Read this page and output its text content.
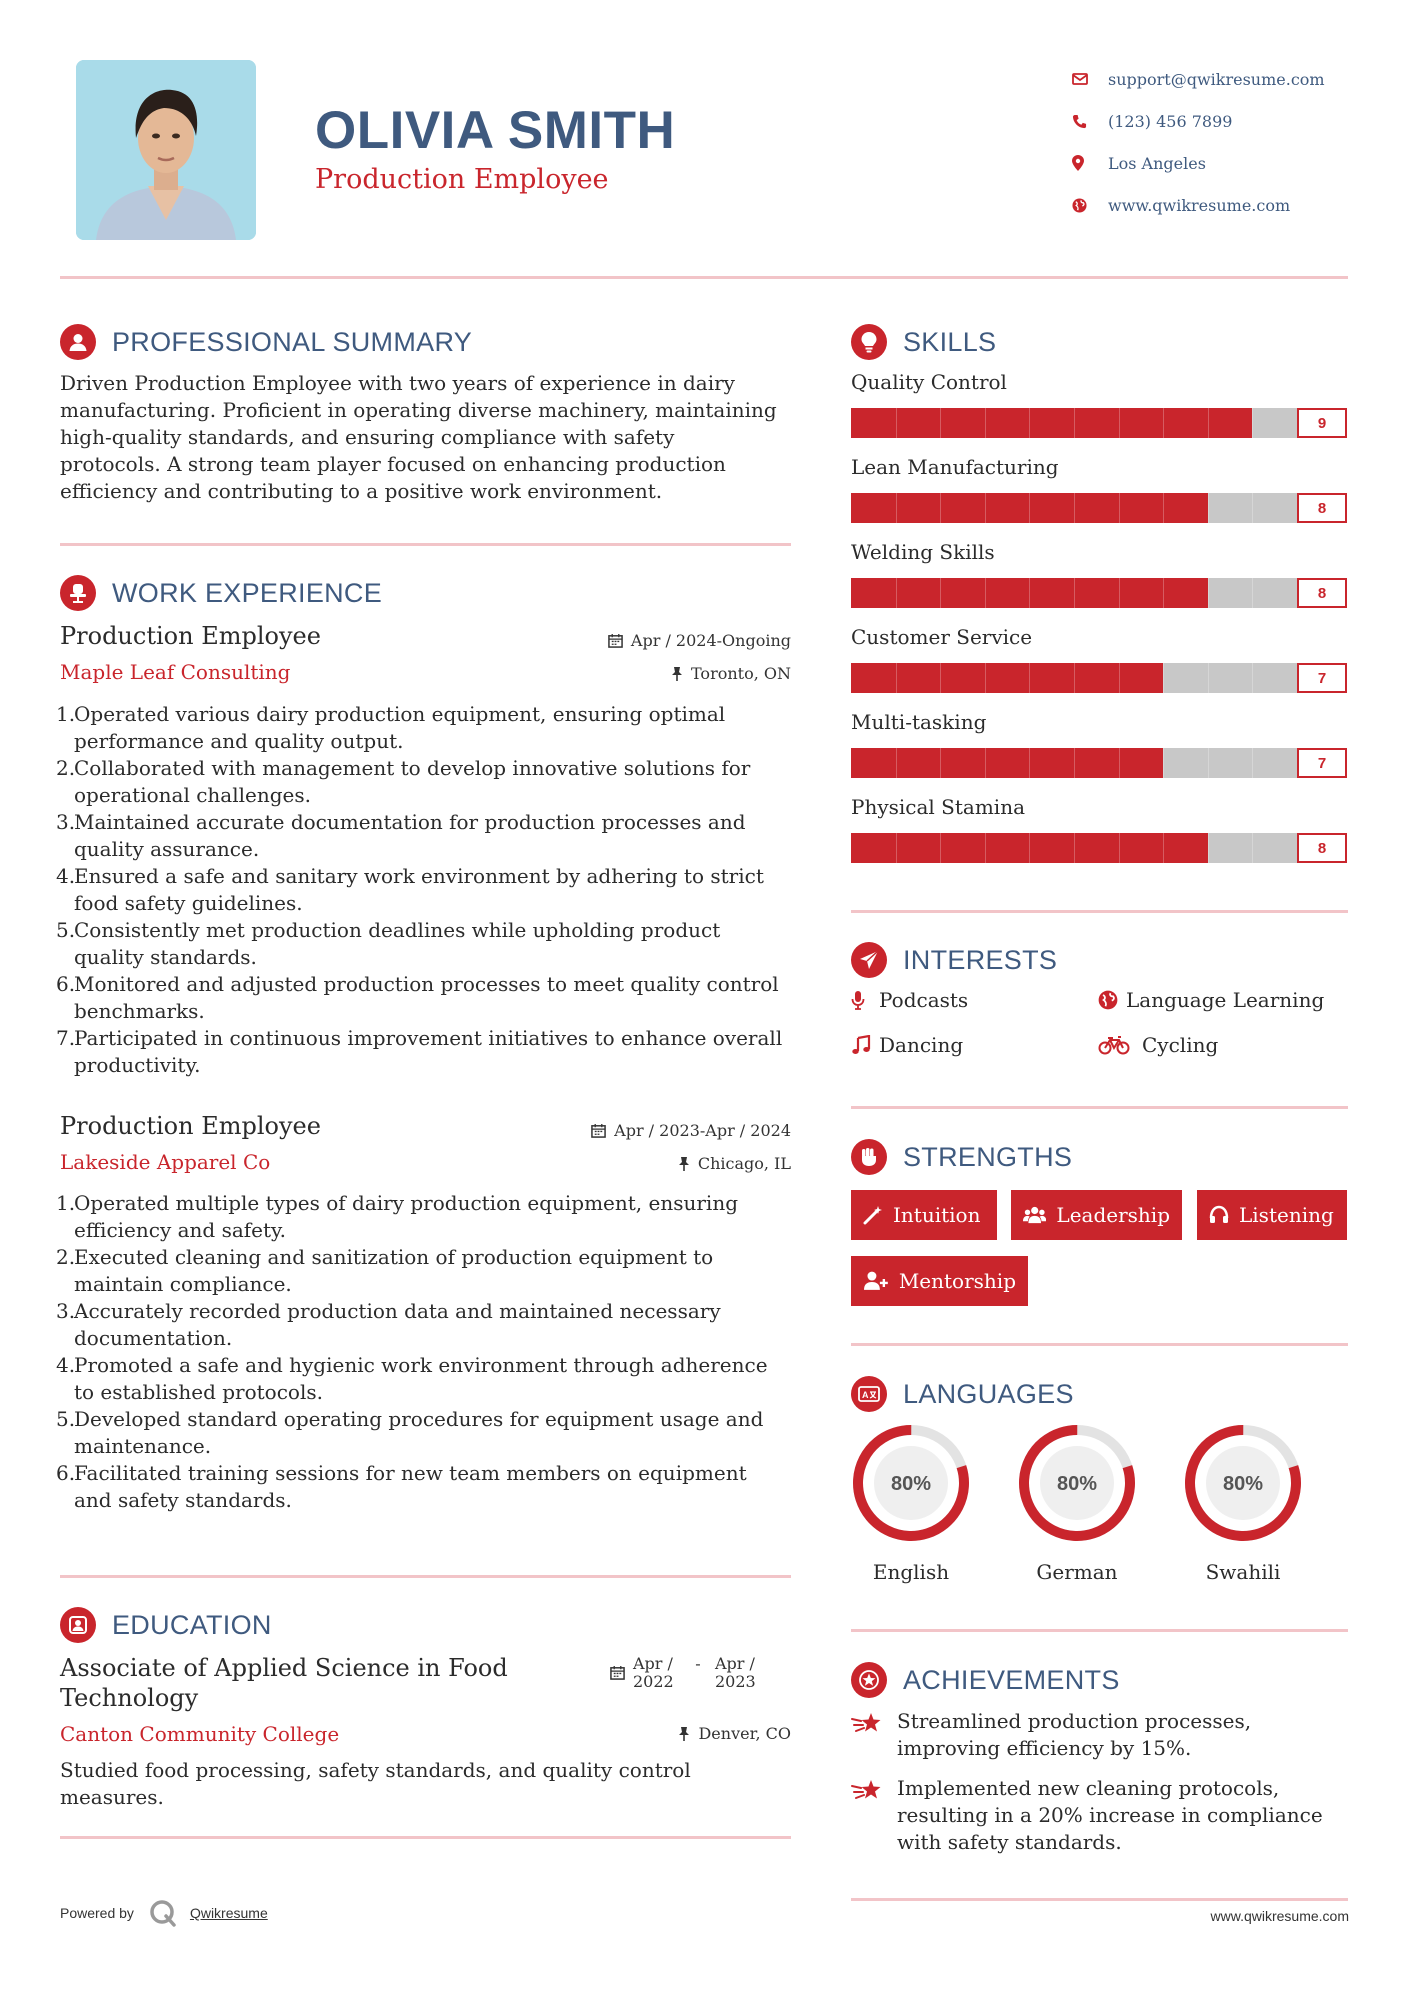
OLIVIA SMITH
Production Employee
support@qwikresume.com
(123) 456 7899
Los Angeles
www.qwikresume.com
PROFESSIONAL SUMMARY
Driven Production Employee with two years of experience in dairy manufacturing. Proficient in operating diverse machinery, maintaining high-quality standards, and ensuring compliance with safety protocols. A strong team player focused on enhancing production efficiency and contributing to a positive work environment.
WORK EXPERIENCE
Production Employee	Apr / 2024-Ongoing
Maple Leaf Consulting	Toronto, ON
Operated various dairy production equipment, ensuring optimal performance and quality output.
Collaborated with management to develop innovative solutions for operational challenges.
Maintained accurate documentation for production processes and quality assurance.
Ensured a safe and sanitary work environment by adhering to strict food safety guidelines.
Consistently met production deadlines while upholding product quality standards.
Monitored and adjusted production processes to meet quality control benchmarks.
Participated in continuous improvement initiatives to enhance overall productivity.
Production Employee	Apr / 2023-Apr / 2024
Lakeside Apparel Co	Chicago, IL
Operated multiple types of dairy production equipment, ensuring efficiency and safety.
Executed cleaning and sanitization of production equipment to maintain compliance.
Accurately recorded production data and maintained necessary documentation.
Promoted a safe and hygienic work environment through adherence to established protocols.
Developed standard operating procedures for equipment usage and maintenance.
Facilitated training sessions for new team members on equipment and safety standards.
EDUCATION
Associate of Applied Science in Food Technology
Apr / 2022
- Apr / 2023
Canton Community College	Denver, CO
Studied food processing, safety standards, and quality control measures.
SKILLS
Quality Control
9
Lean Manufacturing
8
Welding Skills
8
Customer Service
7
Multi-tasking
7
Physical Stamina
8
INTERESTS
Podcasts	Language Learning
Dancing	Cycling
STRENGTHS
Intuition	Leadership	Listening
Mentorship
A LANGUAGES
80%
English
80%
German
80%
Swahili
ACHIEVEMENTS
Streamlined production processes, improving efficiency by 15%.
Implemented new cleaning protocols, resulting in a 20% increase in compliance with safety standards.
Powered by	Qwikresume	www.qwikresume.com
